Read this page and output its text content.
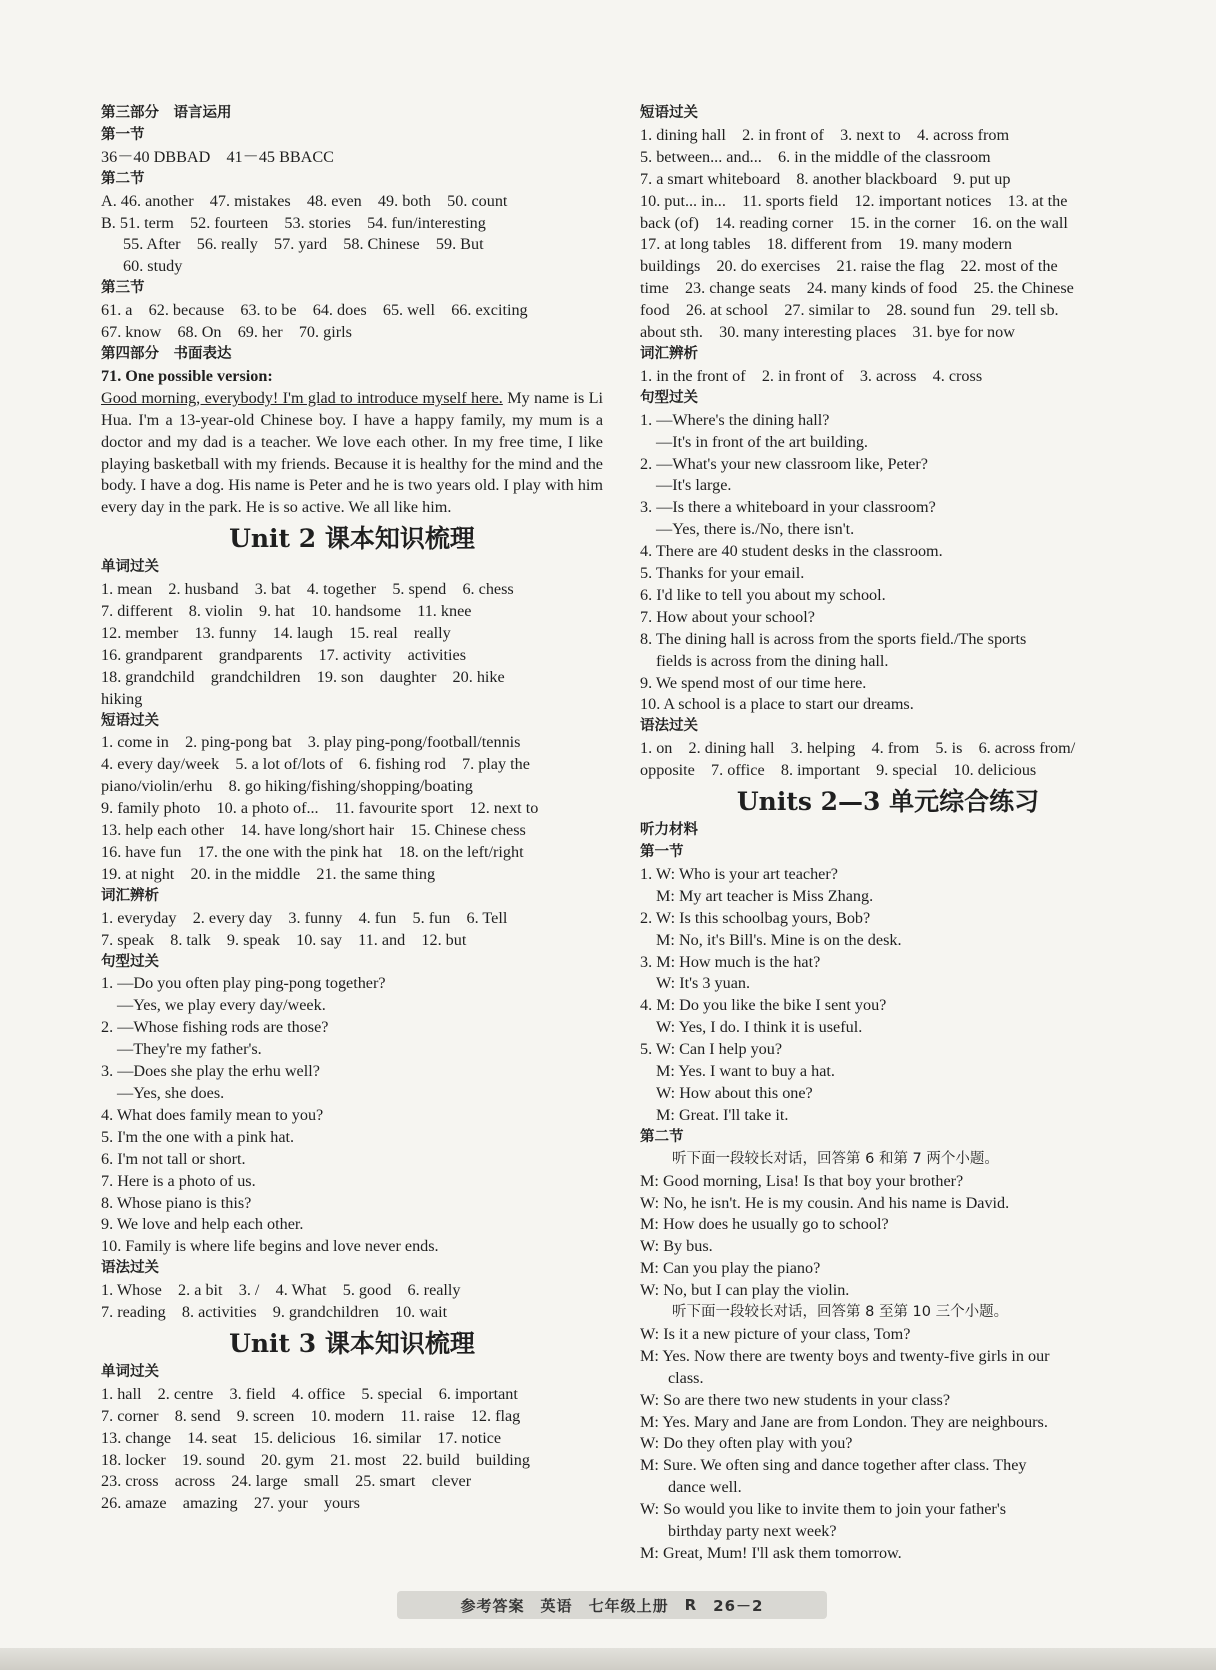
第三部分　语言运用
第一节
36－40 DBBAD　41－45 BBACC
第二节
A. 46. another　47. mistakes　48. even　49. both　50. count
B. 51. term　52. fourteen　53. stories　54. fun/interesting
55. After　56. really　57. yard　58. Chinese　59. But
60. study
第三节
61. a　62. because　63. to be　64. does　65. well　66. exciting
67. know　68. On　69. her　70. girls
第四部分　书面表达
71. One possible version:
Good morning, everybody! I'm glad to introduce myself here. My name is Li Hua. I'm a 13-year-old Chinese boy. I have a happy family, my mum is a doctor and my dad is a teacher. We love each other. In my free time, I like playing basketball with my friends. Because it is healthy for the mind and the body. I have a dog. His name is Peter and he is two years old. I play with him every day in the park. He is so active. We all like him.
Unit 2 课本知识梳理
单词过关
1. mean　2. husband　3. bat　4. together　5. spend　6. chess
7. different　8. violin　9. hat　10. handsome　11. knee
12. member　13. funny　14. laugh　15. real　really
16. grandparent　grandparents　17. activity　activities
18. grandchild　grandchildren　19. son　daughter　20. hike
hiking
短语过关
1. come in　2. ping-pong bat　3. play ping-pong/football/tennis
4. every day/week　5. a lot of/lots of　6. fishing rod　7. play the
piano/violin/erhu　8. go hiking/fishing/shopping/boating
9. family photo　10. a photo of...　11. favourite sport　12. next to
13. help each other　14. have long/short hair　15. Chinese chess
16. have fun　17. the one with the pink hat　18. on the left/right
19. at night　20. in the middle　21. the same thing
词汇辨析
1. everyday　2. every day　3. funny　4. fun　5. fun　6. Tell
7. speak　8. talk　9. speak　10. say　11. and　12. but
句型过关
1. —Do you often play ping-pong together?
—Yes, we play every day/week.
2. —Whose fishing rods are those?
—They're my father's.
3. —Does she play the erhu well?
—Yes, she does.
4. What does family mean to you?
5. I'm the one with a pink hat.
6. I'm not tall or short.
7. Here is a photo of us.
8. Whose piano is this?
9. We love and help each other.
10. Family is where life begins and love never ends.
语法过关
1. Whose　2. a bit　3. /　4. What　5. good　6. really
7. reading　8. activities　9. grandchildren　10. wait
Unit 3 课本知识梳理
单词过关
1. hall　2. centre　3. field　4. office　5. special　6. important
7. corner　8. send　9. screen　10. modern　11. raise　12. flag
13. change　14. seat　15. delicious　16. similar　17. notice
18. locker　19. sound　20. gym　21. most　22. build　building
23. cross　across　24. large　small　25. smart　clever
26. amaze　amazing　27. your　yours
短语过关
1. dining hall　2. in front of　3. next to　4. across from
5. between... and...　6. in the middle of the classroom
7. a smart whiteboard　8. another blackboard　9. put up
10. put... in...　11. sports field　12. important notices　13. at the
back (of)　14. reading corner　15. in the corner　16. on the wall
17. at long tables　18. different from　19. many modern
buildings　20. do exercises　21. raise the flag　22. most of the
time　23. change seats　24. many kinds of food　25. the Chinese
food　26. at school　27. similar to　28. sound fun　29. tell sb.
about sth.　30. many interesting places　31. bye for now
词汇辨析
1. in the front of　2. in front of　3. across　4. cross
句型过关
1. —Where's the dining hall?
—It's in front of the art building.
2. —What's your new classroom like, Peter?
—It's large.
3. —Is there a whiteboard in your classroom?
—Yes, there is./No, there isn't.
4. There are 40 student desks in the classroom.
5. Thanks for your email.
6. I'd like to tell you about my school.
7. How about your school?
8. The dining hall is across from the sports field./The sports
fields is across from the dining hall.
9. We spend most of our time here.
10. A school is a place to start our dreams.
语法过关
1. on　2. dining hall　3. helping　4. from　5. is　6. across from/
opposite　7. office　8. important　9. special　10. delicious
Units 2—3 单元综合练习
听力材料
第一节
1. W: Who is your art teacher?
M: My art teacher is Miss Zhang.
2. W: Is this schoolbag yours, Bob?
M: No, it's Bill's. Mine is on the desk.
3. M: How much is the hat?
W: It's 3 yuan.
4. M: Do you like the bike I sent you?
W: Yes, I do. I think it is useful.
5. W: Can I help you?
M: Yes. I want to buy a hat.
W: How about this one?
M: Great. I'll take it.
第二节
听下面一段较长对话，回答第 6 和第 7 两个小题。
M: Good morning, Lisa! Is that boy your brother?
W: No, he isn't. He is my cousin. And his name is David.
M: How does he usually go to school?
W: By bus.
M: Can you play the piano?
W: No, but I can play the violin.
听下面一段较长对话，回答第 8 至第 10 三个小题。
W: Is it a new picture of your class, Tom?
M: Yes. Now there are twenty boys and twenty-five girls in our
class.
W: So are there two new students in your class?
M: Yes. Mary and Jane are from London. They are neighbours.
W: Do they often play with you?
M: Sure. We often sing and dance together after class. They
dance well.
W: So would you like to invite them to join your father's
birthday party next week?
M: Great, Mum! I'll ask them tomorrow.
参考答案 英语 七年级上册 R 26－2
